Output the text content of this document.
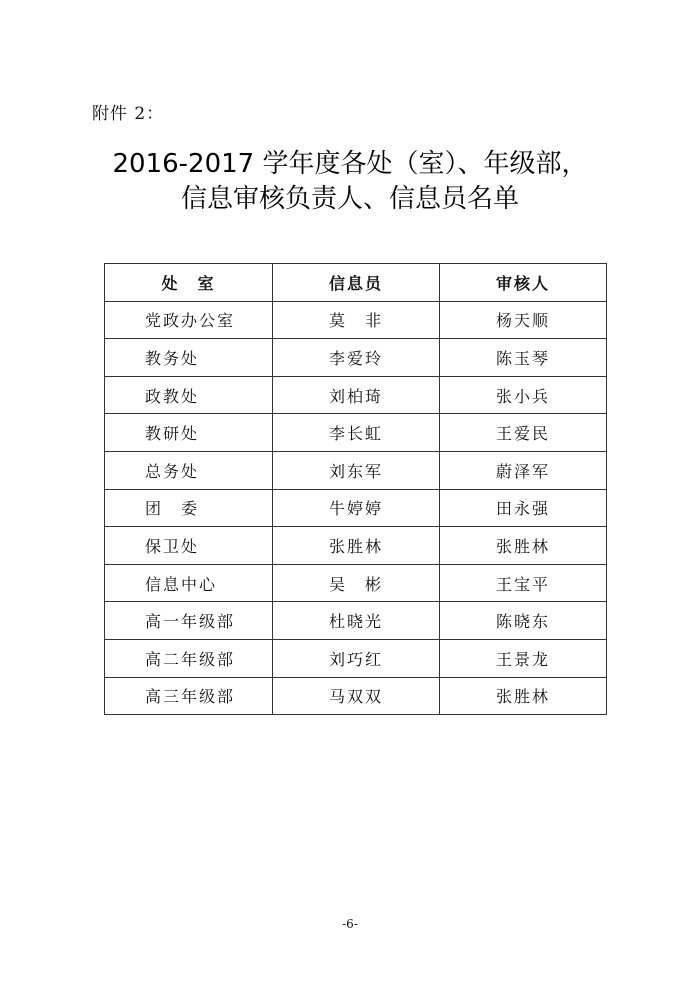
附件 2：
2016-2017 学年度各处（室）、年级部，
信息审核负责人、信息员名单
处　室	信息员	审核人
党政办公室	莫　非	杨天顺
教务处	李爱玲	陈玉琴
政教处	刘柏琦	张小兵
教研处	李长虹	王爱民
总务处	刘东军	蔚泽军
团　委	牛婷婷	田永强
保卫处	张胜林	张胜林
信息中心	吴　彬	王宝平
高一年级部	杜晓光	陈晓东
高二年级部	刘巧红	王景龙
高三年级部	马双双	张胜林
-6-
